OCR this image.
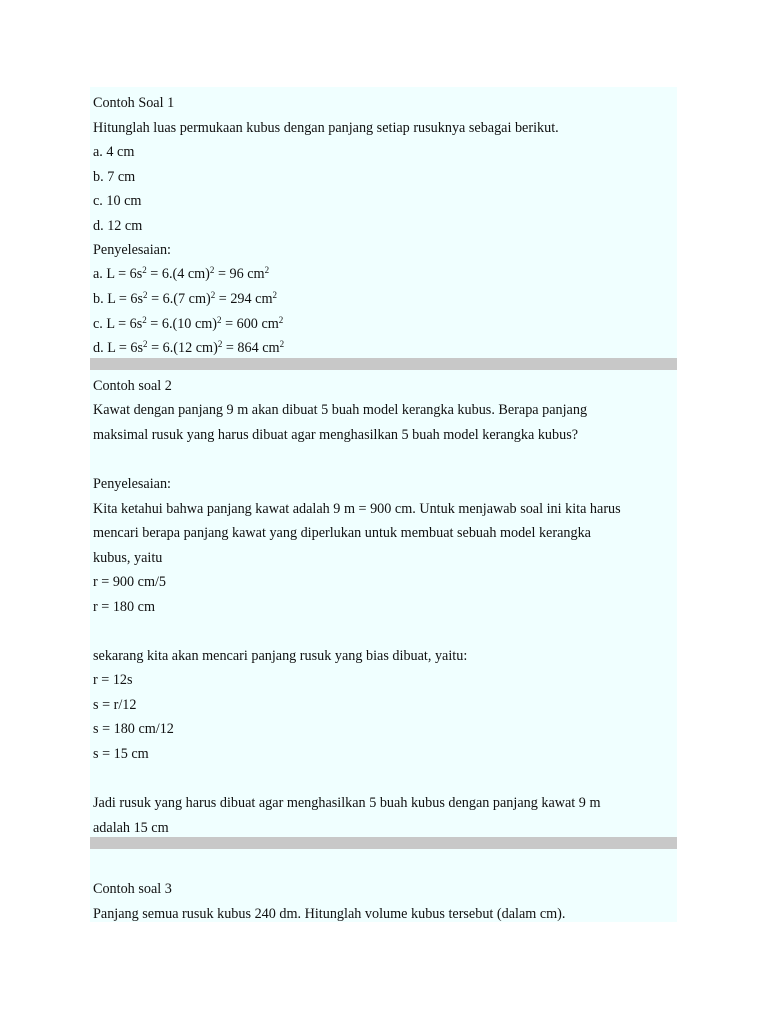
Contoh Soal 1
Hitunglah luas permukaan kubus dengan panjang setiap rusuknya sebagai berikut.
a. 4 cm
b. 7 cm
c. 10 cm
d. 12 cm
Penyelesaian:
a. $L = 6s^2 = 6.(4$ cm)$^2$ = 96 $cm^2$
b. $L = 6s^2 = 6.(7$ cm)$^2$ = 294 $cm^2$
c. $L = 6s^2 = 6.(10$ cm)$^2$ = 600 $cm^2$
d. $L = 6s^2 = 6.(12$ cm)$^2$ = 864 $cm^2$
Contoh soal 2
Kawat dengan panjang 9 m akan dibuat 5 buah model kerangka kubus. Berapa panjang
maksimal rusuk yang harus dibuat agar menghasilkan 5 buah model kerangka kubus?
Penyelesaian:
Kita ketahui bahwa panjang kawat adalah 9 m = 900 cm. Untuk menjawab soal ini kita harus
mencari berapa panjang kawat yang diperlukan untuk membuat sebuah model kerangka
kubus, yaitu
r = 900 cm/5
r = 180 cm
sekarang kita akan mencari panjang rusuk yang bias dibuat, yaitu:
r = 12s
s = r/12
s = 180 cm/12
s = 15 cm
Jadi rusuk yang harus dibuat agar menghasilkan 5 buah kubus dengan panjang kawat 9 m
adalah 15 cm
Contoh soal 3
Panjang semua rusuk kubus 240 dm. Hitunglah volume kubus tersebut (dalam cm).
